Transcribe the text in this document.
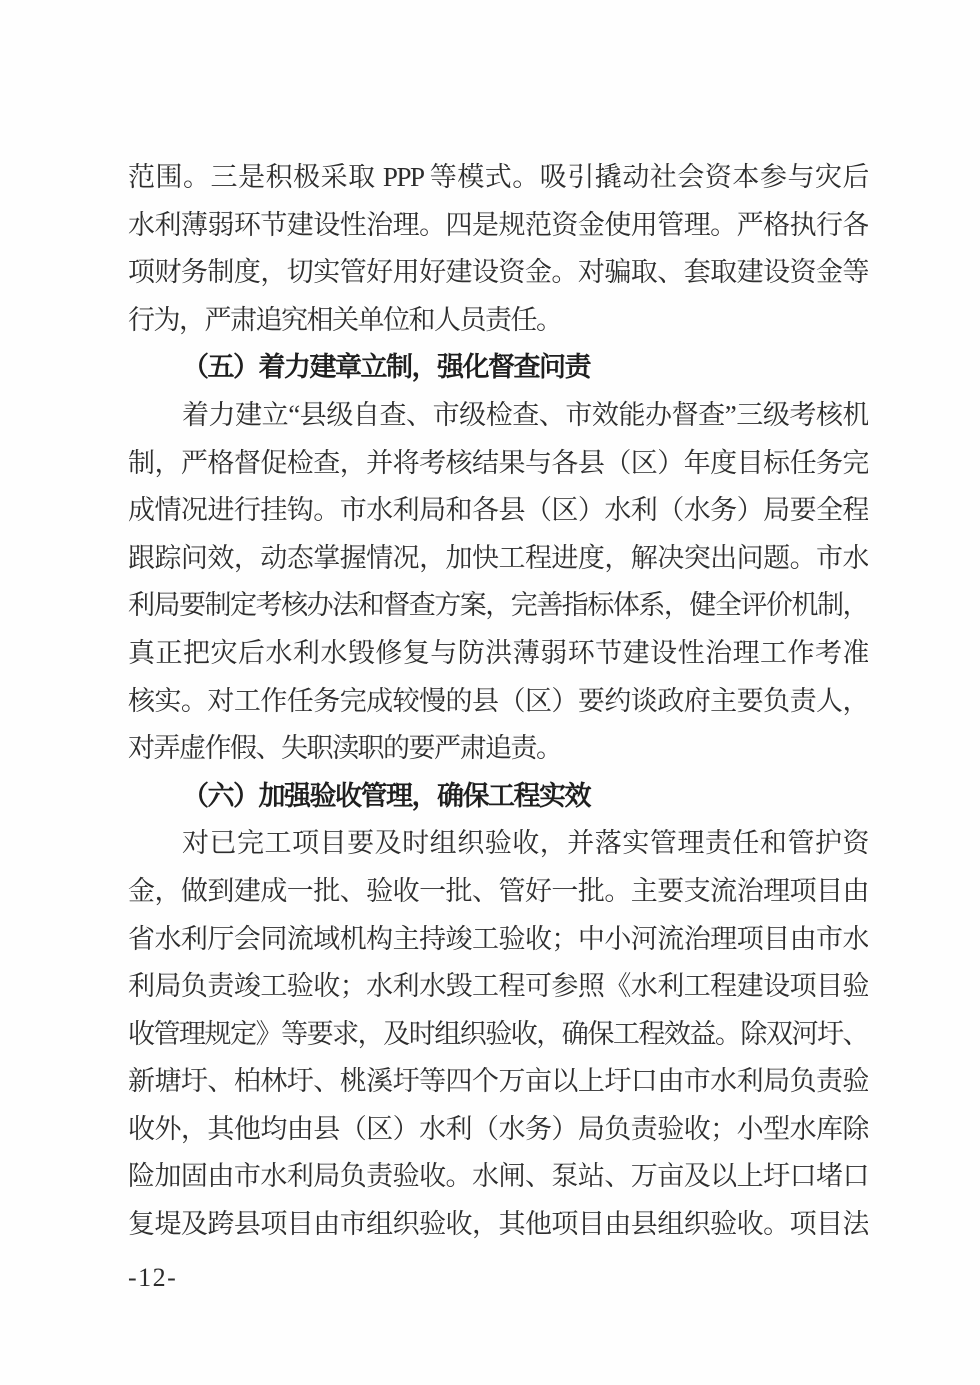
范围。三是积极采取 PPP 等模式。吸引撬动社会资本参与灾后
水利薄弱环节建设性治理。四是规范资金使用管理。严格执行各
项财务制度，切实管好用好建设资金。对骗取、套取建设资金等
行为，严肃追究相关单位和人员责任。
（五）着力建章立制，强化督查问责
着力建立“县级自查、市级检查、市效能办督查”三级考核机
制，严格督促检查，并将考核结果与各县（区）年度目标任务完
成情况进行挂钩。市水利局和各县（区）水利（水务）局要全程
跟踪问效，动态掌握情况，加快工程进度，解决突出问题。市水
利局要制定考核办法和督查方案，完善指标体系，健全评价机制，
真正把灾后水利水毁修复与防洪薄弱环节建设性治理工作考准
核实。对工作任务完成较慢的县（区）要约谈政府主要负责人，
对弄虚作假、失职渎职的要严肃追责。
（六）加强验收管理，确保工程实效
对已完工项目要及时组织验收，并落实管理责任和管护资
金，做到建成一批、验收一批、管好一批。主要支流治理项目由
省水利厅会同流域机构主持竣工验收；中小河流治理项目由市水
利局负责竣工验收；水利水毁工程可参照《水利工程建设项目验
收管理规定》等要求，及时组织验收，确保工程效益。除双河圩、
新塘圩、柏林圩、桃溪圩等四个万亩以上圩口由市水利局负责验
收外，其他均由县（区）水利（水务）局负责验收；小型水库除
险加固由市水利局负责验收。水闸、泵站、万亩及以上圩口堵口
复堤及跨县项目由市组织验收，其他项目由县组织验收。项目法
-12-
